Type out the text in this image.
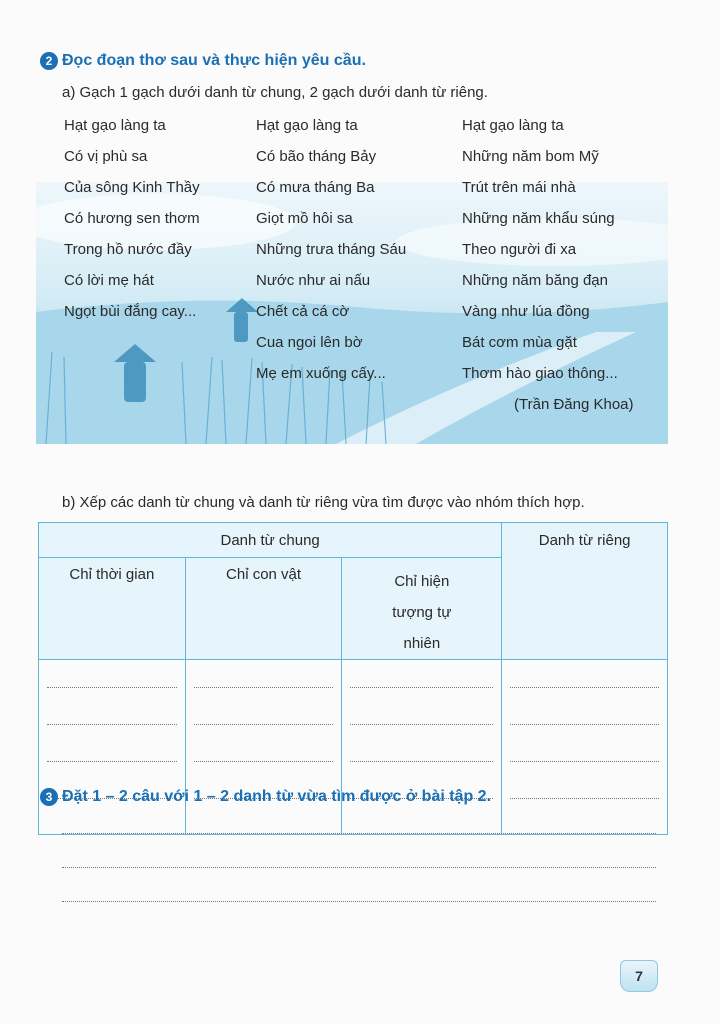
2 Đọc đoạn thơ sau và thực hiện yêu cầu.
a) Gạch 1 gạch dưới danh từ chung, 2 gạch dưới danh từ riêng.
Hạt gạo làng ta
Có vị phù sa
Của sông Kinh Thầy
Có hương sen thơm
Trong hồ nước đầy
Có lời mẹ hát
Ngọt bùi đắng cay...
Hạt gạo làng ta
Có bão tháng Bảy
Có mưa tháng Ba
Giọt mồ hôi sa
Những trưa tháng Sáu
Nước như ai nấu
Chết cả cá cờ
Cua ngoi lên bờ
Mẹ em xuống cấy...
Hạt gạo làng ta
Những năm bom Mỹ
Trút trên mái nhà
Những năm khẩu súng
Theo người đi xa
Những năm băng đạn
Vàng như lúa đồng
Bát cơm mùa gặt
Thơm hào giao thông...
(Trần Đăng Khoa)
b) Xếp các danh từ chung và danh từ riêng vừa tìm được vào nhóm thích hợp.
Danh từ chung			Danh từ riêng
Chỉ thời gian	Chỉ con vật	Chỉ hiện tượng tự nhiên	

3 Đặt 1 – 2 câu với 1 – 2 danh từ vừa tìm được ở bài tập 2.
7
